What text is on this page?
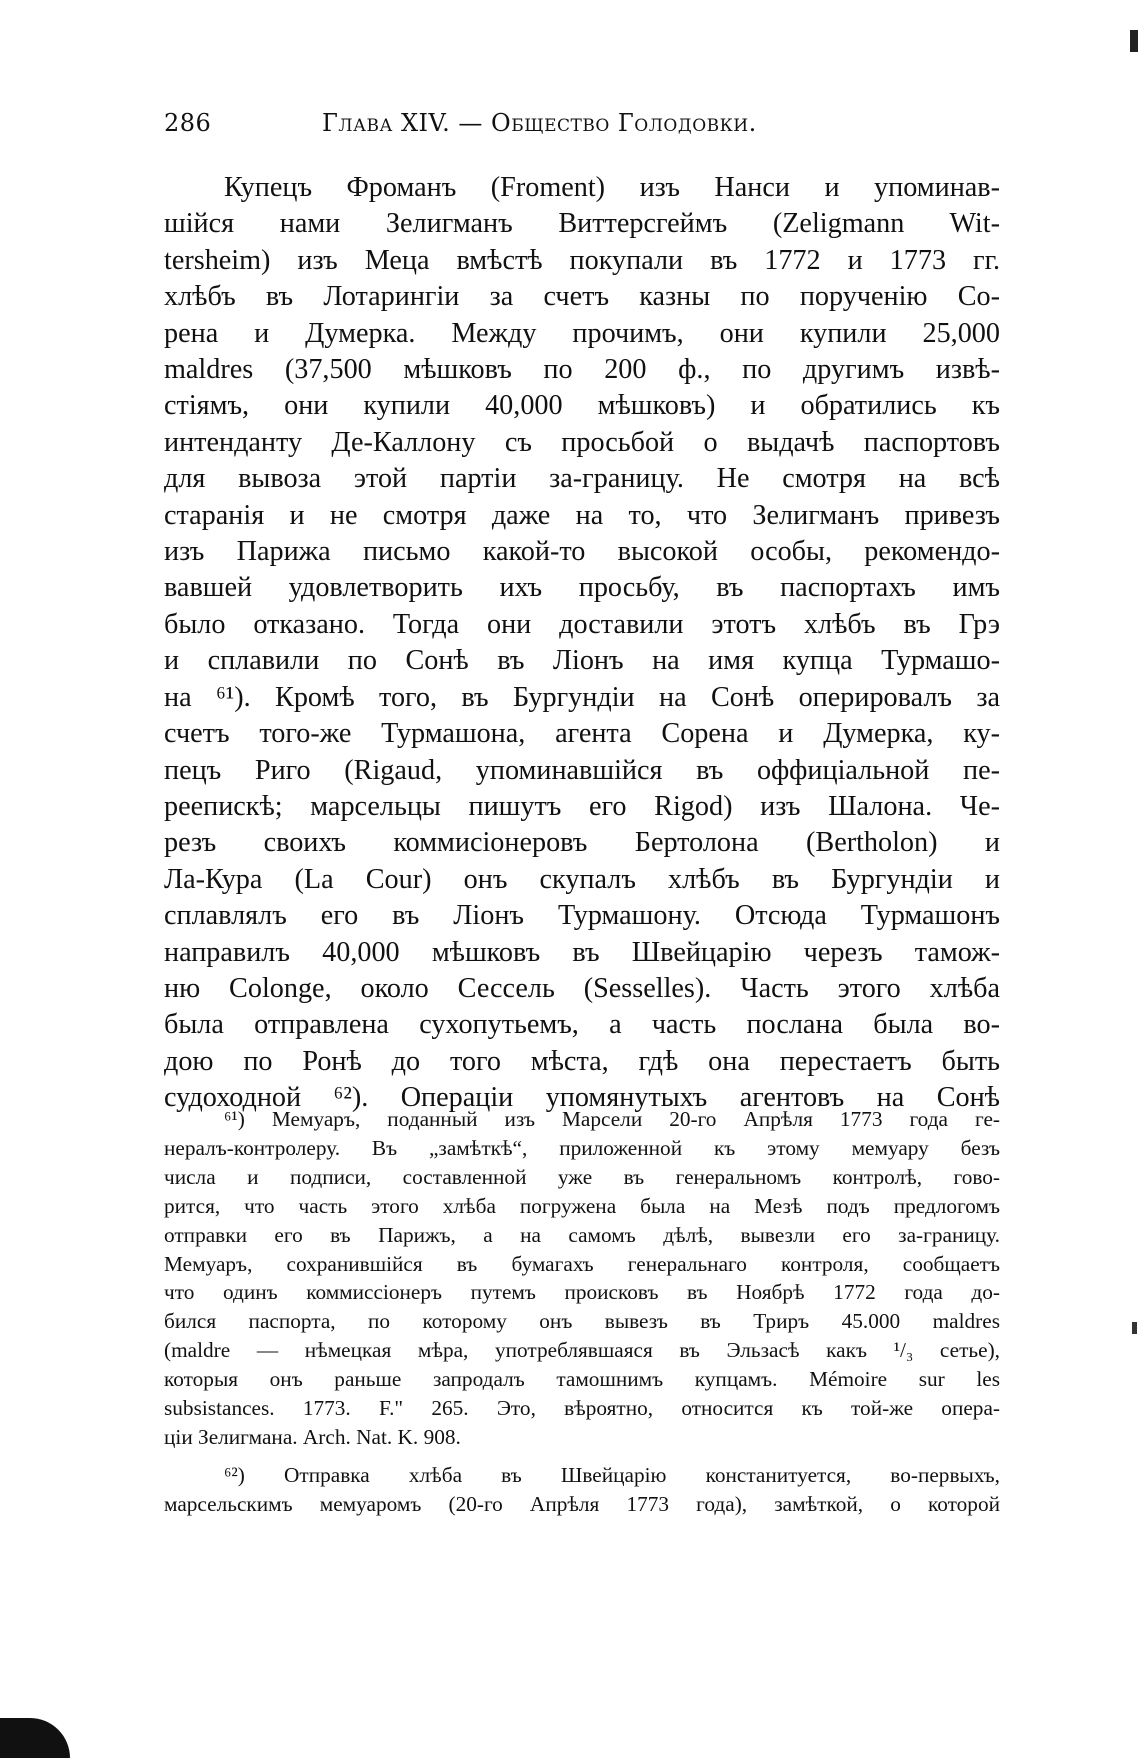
286	Глава XIV. — Общество Голодовки.
Купецъ Фроманъ (Froment) изъ Нанси и упоминав-
шійся нами Зелигманъ Виттерсгеймъ (Zeligmann Wit-
tersheim) изъ Меца вмѣстѣ покупали въ 1772 и 1773 гг.
хлѣбъ въ Лотарингіи за счетъ казны по порученію Со-
рена и Думерка. Между прочимъ, они купили 25,000
maldres (37,500 мѣшковъ по 200 ф., по другимъ извѣ-
стіямъ, они купили 40,000 мѣшковъ) и обратились къ
интенданту Де-Каллону съ просьбой о выдачѣ паспортовъ
для вывоза этой партіи за-границу. Не смотря на всѣ
старанія и не смотря даже на то, что Зелигманъ привезъ
изъ Парижа письмо какой-то высокой особы, рекомендо-
вавшей удовлетворить ихъ просьбу, въ паспортахъ имъ
было отказано. Тогда они доставили этотъ хлѣбъ въ Грэ
и сплавили по Сонѣ въ Ліонъ на имя купца Турмашо-
на ⁶¹). Кромѣ того, въ Бургундіи на Сонѣ оперировалъ за
счетъ того-же Турмашона, агента Сорена и Думерка, ку-
пецъ Риго (Rigaud, упоминавшійся въ оффиціальной пе-
реепискѣ; марсельцы пишутъ его Rigod) изъ Шалона. Че-
резъ своихъ коммисіонеровъ Бертолона (Bertholon) и
Ла-Кура (La Cour) онъ скупалъ хлѣбъ въ Бургундіи и
сплавлялъ его въ Ліонъ Турмашону. Отсюда Турмашонъ
направилъ 40,000 мѣшковъ въ Швейцарію черезъ тамож-
ню Colonge, около Сессель (Sesselles). Часть этого хлѣба
была отправлена сухопутьемъ, а часть послана была во-
дою по Ронѣ до того мѣста, гдѣ она перестаетъ быть
судоходной ⁶²). Операціи упомянутыхъ агентовъ на Сонѣ
⁶¹) Мемуаръ, поданный изъ Марсели 20-го Апрѣля 1773 года ге-
нералъ-контролеру. Въ „замѣткѣ“, приложенной къ этому мемуару безъ
числа и подписи, составленной уже въ генеральномъ контролѣ, гово-
рится, что часть этого хлѣба погружена была на Мезѣ подъ предлогомъ
отправки его въ Парижъ, а на самомъ дѣлѣ, вывезли его за-границу.
Мемуаръ, сохранившійся въ бумагахъ генеральнаго контроля, сообщаетъ
что одинъ коммиссіонеръ путемъ происковъ въ Ноябрѣ 1772 года до-
бился паспорта, по которому онъ вывезъ въ Триръ 45.000 maldres
(maldre — нѣмецкая мѣра, употреблявшаяся въ Эльзасѣ какъ ¹/₃ сетье),
которыя онъ раньше запродалъ тамошнимъ купцамъ. Mémoire sur les
subsistances. 1773. F." 265. Это, вѣроятно, относится къ той-же опера-
ціи Зелигмана. Arch. Nat. K. 908.
⁶²) Отправка хлѣба въ Швейцарію констанитуется, во-первыхъ,
марсельскимъ мемуаромъ (20-го Апрѣля 1773 года), замѣткой, о которой
